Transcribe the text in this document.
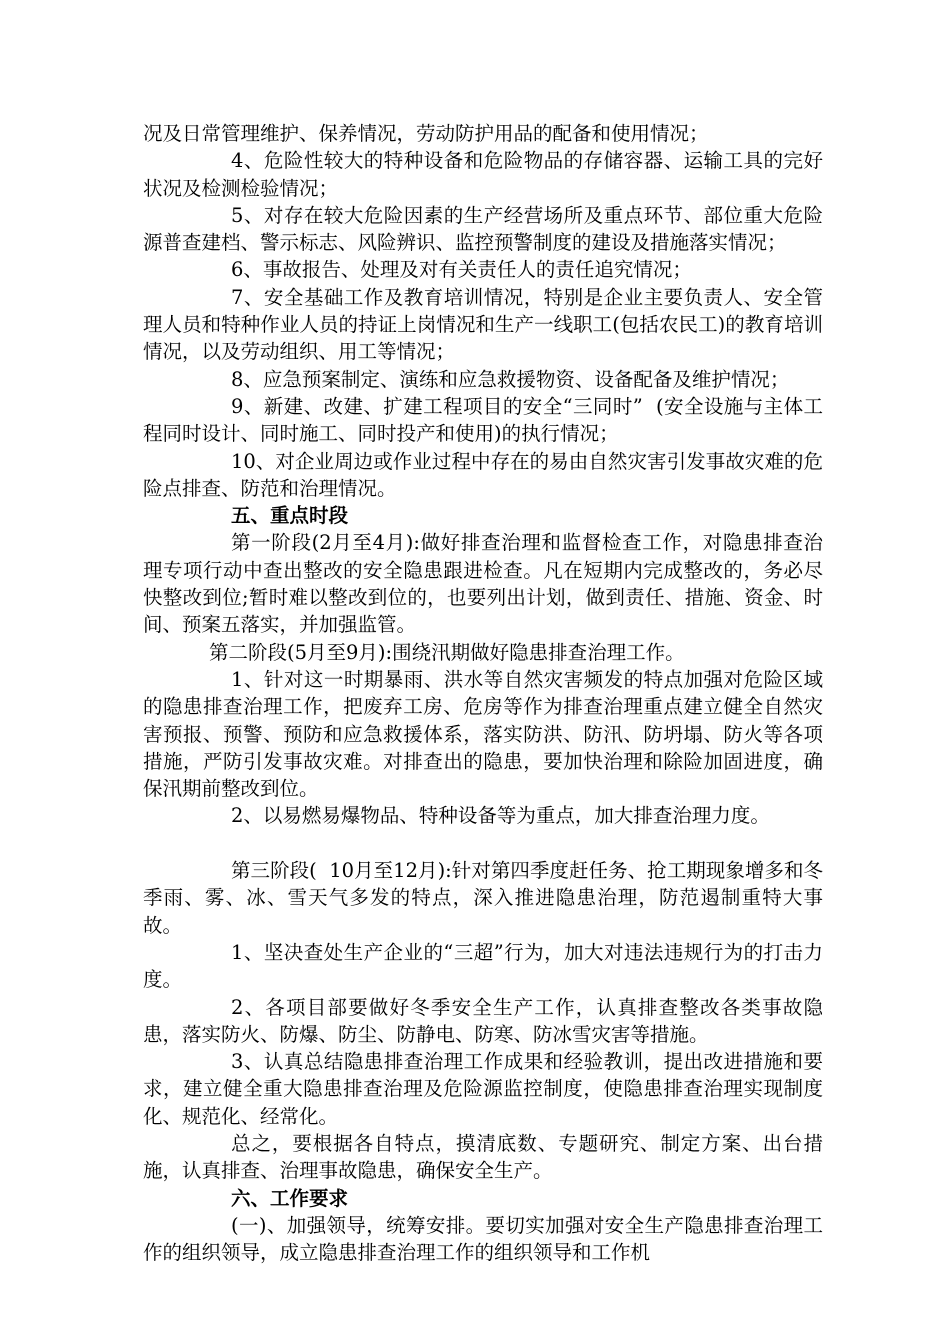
况及日常管理维护、保养情况，劳动防护用品的配备和使用情况；

4、危险性较大的特种设备和危险物品的存储容器、运输工具的完好状况及检测检验情况；

5、对存在较大危险因素的生产经营场所及重点环节、部位重大危险源普查建档、警示标志、风险辨识、监控预警制度的建设及措施落实情况；

6、事故报告、处理及对有关责任人的责任追究情况；

7、安全基础工作及教育培训情况，特别是企业主要负责人、安全管理人员和特种作业人员的持证上岗情况和生产一线职工(包括农民工)的教育培训情况，以及劳动组织、用工等情况；

8、应急预案制定、演练和应急救援物资、设备配备及维护情况；

9、新建、改建、扩建工程项目的安全“三同时”  (安全设施与主体工程同时设计、同时施工、同时投产和使用)的执行情况；

10、对企业周边或作业过程中存在的易由自然灾害引发事故灾难的危险点排查、防范和治理情况。

五、重点时段

第一阶段(2月至4月):做好排查治理和监督检查工作，对隐患排查治理专项行动中查出整改的安全隐患跟进检查。凡在短期内完成整改的，务必尽快整改到位;暂时难以整改到位的，也要列出计划，做到责任、措施、资金、时间、预案五落实，并加强监管。

第二阶段(5月至9月):围绕汛期做好隐患排查治理工作。

1、针对这一时期暴雨、洪水等自然灾害频发的特点加强对危险区域的隐患排查治理工作，把废弃工房、危房等作为排查治理重点建立健全自然灾害预报、预警、预防和应急救援体系，落实防洪、防汛、防坍塌、防火等各项措施，严防引发事故灾难。对排查出的隐患，要加快治理和除险加固进度，确保汛期前整改到位。

2、以易燃易爆物品、特种设备等为重点，加大排查治理力度。

第三阶段(  10月至12月):针对第四季度赶任务、抢工期现象增多和冬季雨、雾、冰、雪天气多发的特点，深入推进隐患治理，防范遏制重特大事故。

1、坚决查处生产企业的“三超”行为，加大对违法违规行为的打击力度。

2、各项目部要做好冬季安全生产工作，认真排查整改各类事故隐患，落实防火、防爆、防尘、防静电、防寒、防冰雪灾害等措施。

3、认真总结隐患排查治理工作成果和经验教训，提出改进措施和要求，建立健全重大隐患排查治理及危险源监控制度，使隐患排查治理实现制度化、规范化、经常化。

总之，要根据各自特点，摸清底数、专题研究、制定方案、出台措施，认真排查、治理事故隐患，确保安全生产。

六、工作要求

(一)、加强领导，统筹安排。要切实加强对安全生产隐患排查治理工作的组织领导，成立隐患排查治理工作的组织领导和工作机
